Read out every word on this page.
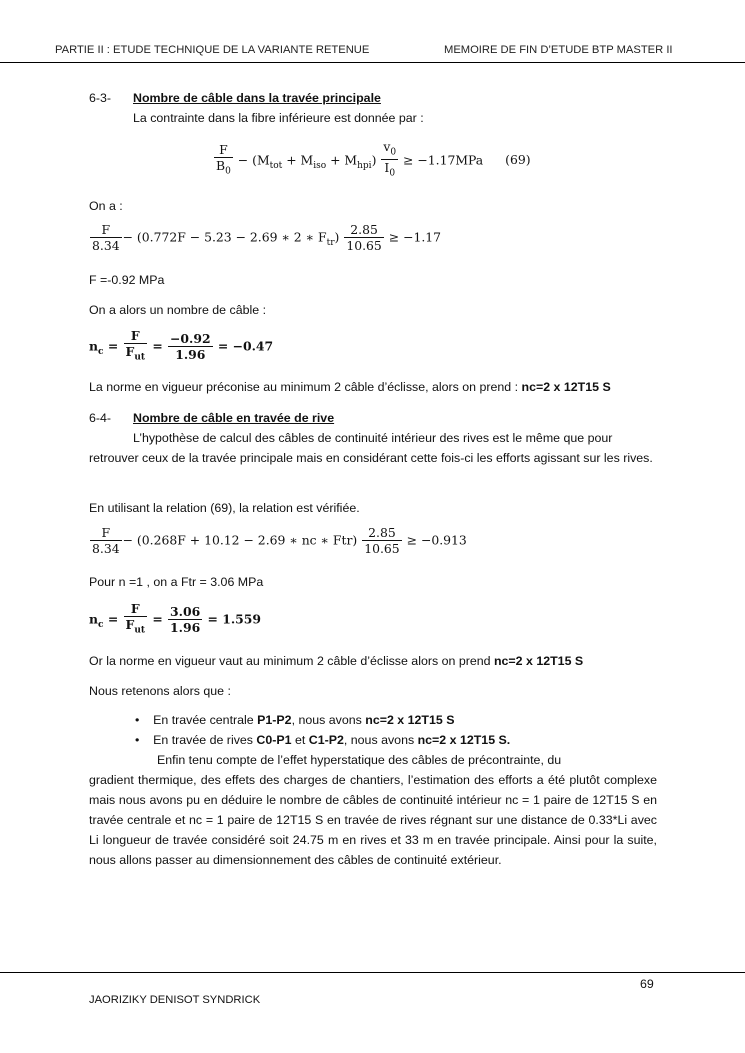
PARTIE II : ETUDE TECHNIQUE DE LA VARIANTE RETENUE	MEMOIRE DE FIN D’ETUDE BTP MASTER II
6-3- Nombre de câble dans la travée principale
La contrainte dans la fibre inférieure est donnée par :
$\frac{F}{B_0} - (M_{tot} + M_{iso} + M_{hpi}) \frac{v_0}{I_0} \ge -1.17MPa$ (69)
On a :
$\frac{F}{8.34} - (0.772F - 5.23 - 2.69$ ∗ 2 ∗ $F_{tr}) \frac{2.85}{10.65} \ge -1.17$
F =-0.92 MPa
On a alors un nombre de câble :
$n_c = \frac{F}{F_{ut}} = \frac{-0.92}{1.96} = -0.47$
La norme en vigueur préconise au minimum 2 câble d’éclisse, alors on prend : nc=2 x 12T15 S
6-4- Nombre de câble en travée de rive
L’hypothèse de calcul des câbles de continuité intérieur des rives est le même que pour
retrouver ceux de la travée principale mais en considérant cette fois-ci les efforts agissant sur les rives.
En utilisant la relation (69), la relation est vérifiée.
$\frac{F}{8.34} - (0.268F + 10.12 - 2.69$ ∗ nc ∗ $Ftr) \frac{2.85}{10.65} \ge -0.913$
Pour n =1 , on a Ftr = 3.06 MPa
$n_c = \frac{F}{F_{ut}} = \frac{3.06}{1.96} = 1.559$
Or la norme en vigueur vaut au minimum 2 câble d’éclisse alors on prend nc=2 x 12T15 S
Nous retenons alors que :
•    En travée centrale P1-P2, nous avons nc=2 x 12T15 S
•    En travée de rives C0-P1 et C1-P2, nous avons nc=2 x 12T15 S.
Enfin tenu compte de l’effet hyperstatique des câbles de précontrainte, du
gradient thermique, des effets des charges de chantiers, l’estimation des efforts a été plutôt complexe mais nous avons pu en déduire le nombre de câbles de continuité intérieur nc = 1 paire de 12T15 S en travée centrale et nc = 1 paire de 12T15 S en travée de rives régnant sur une distance de 0.33*Li avec Li longueur de travée considéré soit 24.75 m en rives et 33 m en travée principale. Ainsi pour la suite, nous allons passer au dimensionnement des câbles de continuité extérieur.
69
JAORIZIKY DENISOT SYNDRICK
